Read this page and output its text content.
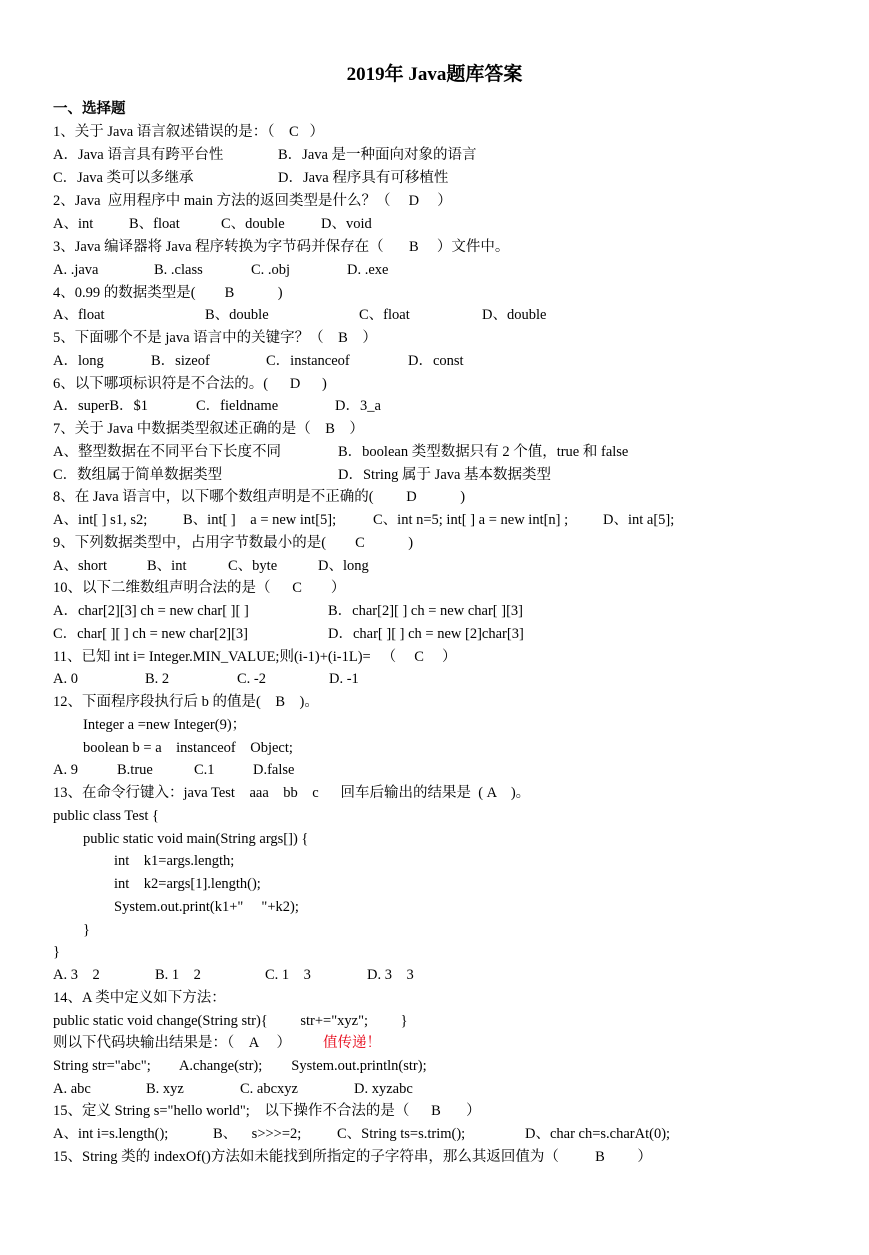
2019年 Java题库答案
一、选择题
1、关于 Java 语言叙述错误的是：（    C   ）

A．Java 语言具有跨平台性

	B．Java 是一种面向对象的语言

C．Java 类可以多继承

	D．Java 程序具有可移植性

2、Java  应用程序中 main 方法的返回类型是什么？（     D     ）

A、int

B、float

	C、double

	D、void

3、Java 编译器将 Java 程序转换为字节码并保存在（       B     ）文件中。

A. .java

	B. .class

	C. .obj

	D. .exe

4、0.99 的数据类型是(        B            )

A、float

	B、double

	C、float

	D、double

5、下面哪个不是 java 语言中的关键字？（    B    ）

A．long

	B．sizeof

	C．instanceof

	D．const

6、以下哪项标识符是不合法的。(      D      )

A．superB．$1

	C．fieldname

	D．3_a

7、关于 Java 中数据类型叙述正确的是（    B    ）

A、整型数据在不同平台下长度不同

	B．boolean 类型数据只有 2 个值，true 和 false

C．数组属于简单数据类型

	D．String 属于 Java 基本数据类型

8、在 Java 语言中，以下哪个数组声明是不正确的(         D            )

A、int[ ] s1, s2;

B、int[ ]    a = new int[5];

	C、int n=5; int[ ] a = new int[n] ;

D、int a[5];

9、下列数据类型中，占用字节数最小的是(        C            )

A、short

	B、int

	C、byte

	D、long

10、以下二维数组声明合法的是（      C        ）

A．char[2][3] ch = new char[ ][ ]

	B．char[2][ ] ch = new char[ ][3]

C．char[ ][ ] ch = new char[2][3]

	D．char[ ][ ] ch = new [2]char[3]

11、已知 int i= Integer.MIN_VALUE;则(i-1)+(i-1L)=   （     C     ）

A. 0

	B. 2

	C. -2

	D. -1

12、下面程序段执行后 b 的值是(    B    )。
Integer a =new Integer(9)；
boolean b = a    instanceof    Object;

A. 9

	B.true

	C.1

	D.false

13、在命令行键入：java Test    aaa    bb    c      回车后输出的结果是  ( A    )。
public class Test {
public static void main(String args[]) {
int    k1=args.length;
int    k2=args[1].length();
System.out.print(k1+"     "+k2);
}
}

A. 3    2

	B. 1    2

	C. 1    3

	D. 3    3

14、A 类中定义如下方法：
public static void change(String str){         str+="xyz";         }

则以下代码块输出结果是：（    A     ）

值传递！

String str="abc";        A.change(str);        System.out.println(str);

A. abc

	B. xyz

	C. abcxyz

	D. xyzabc

15、定义 String s="hello world";    以下操作不合法的是（      B       ）

A、int i=s.length();

	B、    s>>>=2;

C、String ts=s.trim();

	D、char ch=s.charAt(0);

15、String 类的 indexOf()方法如未能找到所指定的子字符串，那么其返回值为（          B         ）
